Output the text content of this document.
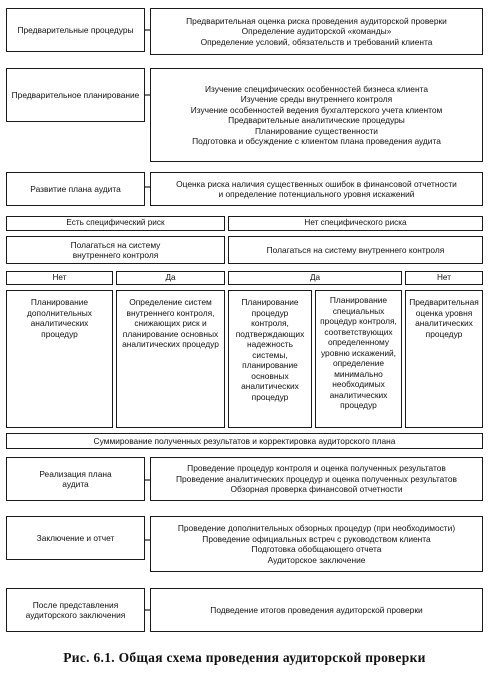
Предварительные процедуры
Предварительная оценка риска проведения аудиторской проверки
Определение аудиторской «команды»
Определение условий, обязательств и требований клиента
Предварительное планирование
Изучение специфических особенностей бизнеса клиента
Изучение среды внутреннего контроля
Изучение особенностей ведения бухгалтерского учета клиентом
Предварительные аналитические процедуры
Планирование существенности
Подготовка и обсуждение с клиентом плана проведения аудита
Развитие плана аудита
Оценка риска наличия существенных ошибок в финансовой отчетности
и определение потенциального уровня искажений
Есть специфический риск	Нет специфического риска
Полагаться на систему внутреннего контроля
Полагаться на систему внутреннего контроля
Нет	Да	Да	Нет
Планирование дополнительных аналитических процедур
Определение систем внутреннего контроля, снижающих риск и планирование основных аналитических процедур
Планирование процедур контроля, подтверждающих надежность системы, планирование основных аналитических процедур
Планирование специальных процедур контроля, соответствующих определенному уровню искажений, определение минимально необходимых аналитических процедур
Предварительная оценка уровня аналитических процедур
Суммирование полученных результатов и корректировка аудиторского плана
Реализация плана аудита
Проведение процедур контроля и оценка полученных результатов
Проведение аналитических процедур и оценка полученных результатов
Обзорная проверка финансовой отчетности
Заключение и отчет
Проведение дополнительных обзорных процедур (при необходимости)
Проведение официальных встреч с руководством клиента
Подготовка обобщающего отчета
Аудиторское заключение
После представления аудиторского заключения
Подведение итогов проведения аудиторской проверки
Рис. 6.1. Общая схема проведения аудиторской проверки
